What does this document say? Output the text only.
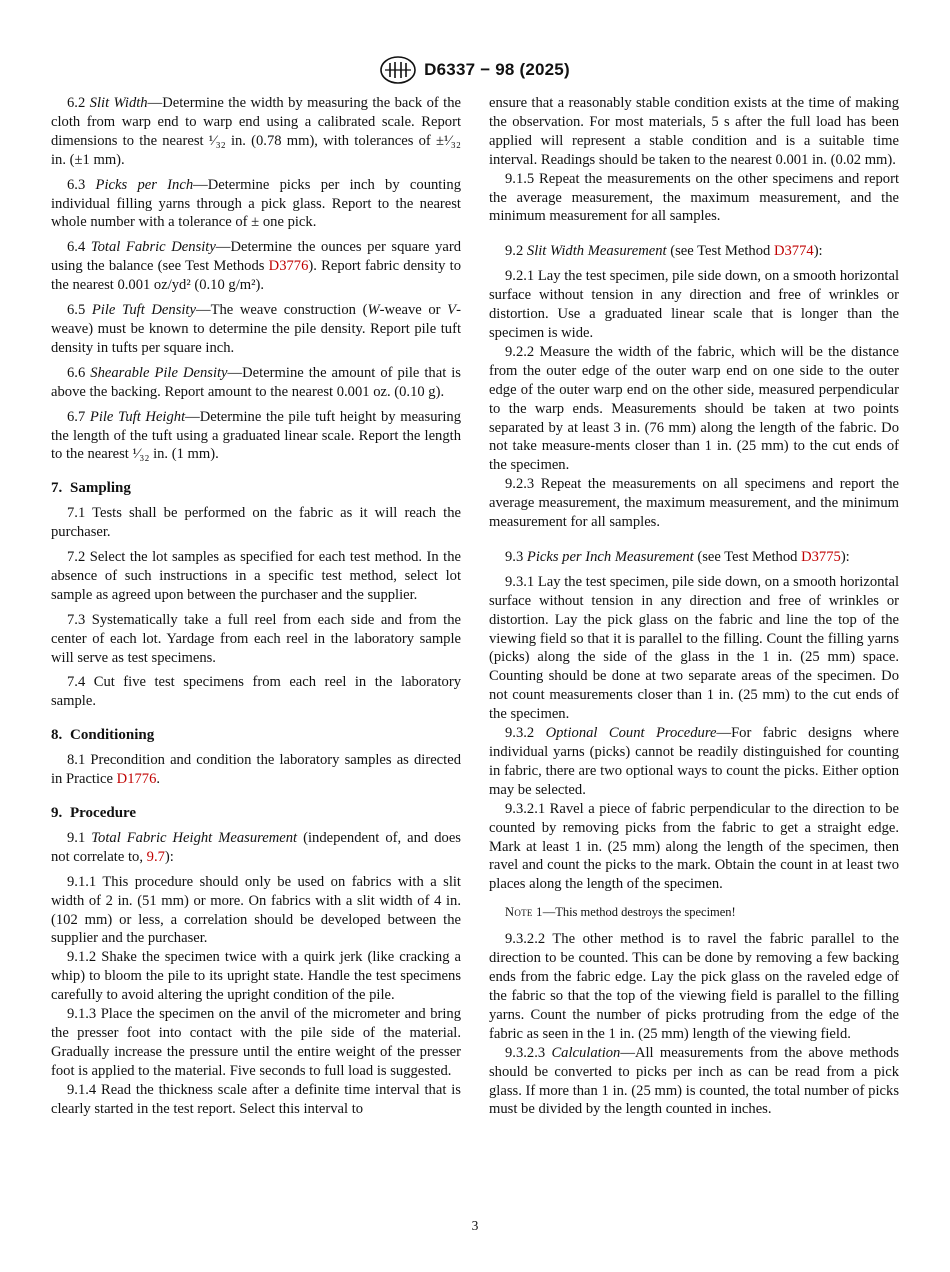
D6337 − 98 (2025)

6.2 Slit Width—Determine the width by measuring the back of the cloth from warp end to warp end using a calibrated scale. Report dimensions to the nearest ¹⁄₃₂ in. (0.78 mm), with tolerances of ±¹⁄₃₂ in. (±1 mm).

6.3 Picks per Inch—Determine picks per inch by counting individual filling yarns through a pick glass. Report to the nearest whole number with a tolerance of ± one pick.

6.4 Total Fabric Density—Determine the ounces per square yard using the balance (see Test Methods D3776). Report fabric density to the nearest 0.001 oz/yd² (0.10 g/m²).

6.5 Pile Tuft Density—The weave construction (W-weave or V-weave) must be known to determine the pile density. Report pile tuft density in tufts per square inch.

6.6 Shearable Pile Density—Determine the amount of pile that is above the backing. Report amount to the nearest 0.001 oz. (0.10 g).

6.7 Pile Tuft Height—Determine the pile tuft height by measuring the length of the tuft using a graduated linear scale. Report the length to the nearest ¹⁄₃₂ in. (1 mm).

7. Sampling

7.1 Tests shall be performed on the fabric as it will reach the purchaser.

7.2 Select the lot samples as specified for each test method. In the absence of such instructions in a specific test method, select lot sample as agreed upon between the purchaser and the supplier.

7.3 Systematically take a full reel from each side and from the center of each lot. Yardage from each reel in the laboratory sample will serve as test specimens.

7.4 Cut five test specimens from each reel in the laboratory sample.

8. Conditioning

8.1 Precondition and condition the laboratory samples as directed in Practice D1776.

9. Procedure

9.1 Total Fabric Height Measurement (independent of, and does not correlate to, 9.7):

9.1.1 This procedure should only be used on fabrics with a slit width of 2 in. (51 mm) or more. On fabrics with a slit width of 4 in. (102 mm) or less, a correlation should be developed between the supplier and the purchaser.

9.1.2 Shake the specimen twice with a quirk jerk (like cracking a whip) to bloom the pile to its upright state. Handle the test specimens carefully to avoid altering the upright condition of the pile.

9.1.3 Place the specimen on the anvil of the micrometer and bring the presser foot into contact with the pile side of the material. Gradually increase the pressure until the entire weight of the presser foot is applied to the material. Five seconds to full load is suggested.

9.1.4 Read the thickness scale after a definite time interval that is clearly started in the test report. Select this interval to

ensure that a reasonably stable condition exists at the time of making the observation. For most materials, 5 s after the full load has been applied will represent a stable condition and is a suitable time interval. Readings should be taken to the nearest 0.001 in. (0.02 mm).

9.1.5 Repeat the measurements on the other specimens and report the average measurement, the maximum measurement, and the minimum measurement for all samples.

9.2 Slit Width Measurement (see Test Method D3774):

9.2.1 Lay the test specimen, pile side down, on a smooth horizontal surface without tension in any direction and free of wrinkles or distortion. Use a graduated linear scale that is longer than the specimen is wide.

9.2.2 Measure the width of the fabric, which will be the distance from the outer edge of the outer warp end on one side to the outer edge of the outer warp end on the other side, measured perpendicular to the warp ends. Measurements should be taken at two points separated by at least 3 in. (76 mm) along the length of the fabric. Do not take measure-ments closer than 1 in. (25 mm) to the cut ends of the specimen.

9.2.3 Repeat the measurements on all specimens and report the average measurement, the maximum measurement, and the minimum measurement for all samples.

9.3 Picks per Inch Measurement (see Test Method D3775):

9.3.1 Lay the test specimen, pile side down, on a smooth horizontal surface without tension in any direction and free of wrinkles or distortion. Lay the pick glass on the fabric and line the top of the viewing field so that it is parallel to the filling. Count the filling yarns (picks) along the side of the glass in the 1 in. (25 mm) space. Counting should be done at two separate areas of the specimen. Do not count measurements closer than 1 in. (25 mm) to the cut ends of the specimen.

9.3.2 Optional Count Procedure—For fabric designs where individual yarns (picks) cannot be readily distinguished for counting in fabric, there are two optional ways to count the picks. Either option may be selected.

9.3.2.1 Ravel a piece of fabric perpendicular to the direction to be counted by removing picks from the fabric to get a straight edge. Mark at least 1 in. (25 mm) along the length of the specimen, then ravel and count the picks to the mark. Obtain the count in at least two places along the length of the specimen.

Note 1—This method destroys the specimen!

9.3.2.2 The other method is to ravel the fabric parallel to the direction to be counted. This can be done by removing a few backing ends from the fabric edge. Lay the pick glass on the raveled edge of the fabric so that the top of the viewing field is parallel to the filling yarns. Count the number of picks protruding from the edge of the fabric as seen in the 1 in. (25 mm) length of the viewing field.

9.3.2.3 Calculation—All measurements from the above methods should be converted to picks per inch as can be read from a pick glass. If more than 1 in. (25 mm) is counted, the total number of picks must be divided by the length counted in inches.

3
